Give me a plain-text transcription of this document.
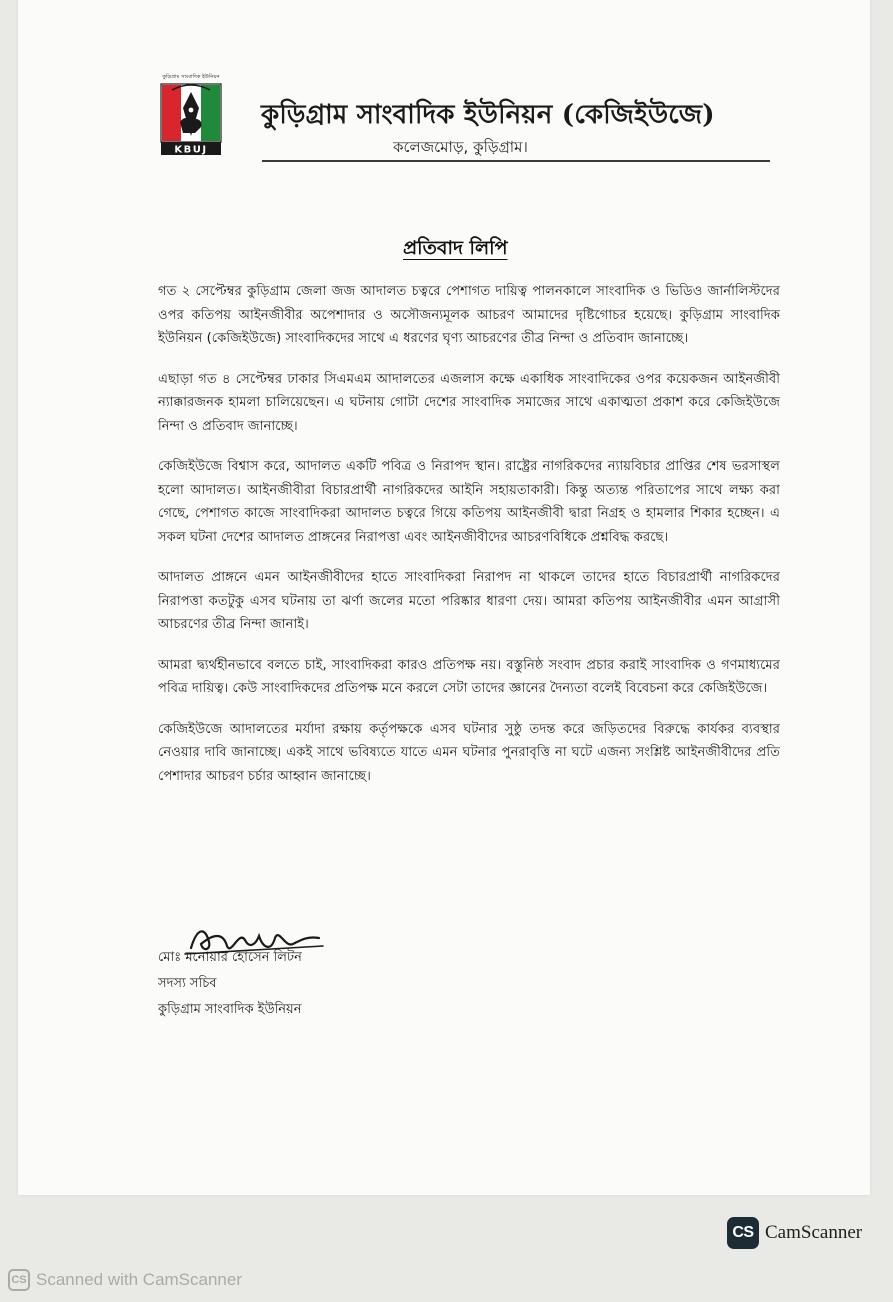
কুড়িগ্রাম সাংবাদিক ইউনিয়ন
KBUJ
কুড়িগ্রাম সাংবাদিক ইউনিয়ন (কেজিইউজে)
কলেজমোড়, কুড়িগ্রাম।
প্রতিবাদ লিপি

গত ২ সেপ্টেম্বর কুড়িগ্রাম জেলা জজ আদালত চত্বরে পেশাগত দায়িত্ব পালনকালে সাংবাদিক ও ভিডিও জার্নালিস্টদের ওপর কতিপয় আইনজীবীর অপেশাদার ও অসৌজন্যমূলক আচরণ আমাদের দৃষ্টিগোচর হয়েছে। কুড়িগ্রাম সাংবাদিক ইউনিয়ন (কেজিইউজে) সাংবাদিকদের সাথে এ ধরণের ঘৃণ্য আচরণের তীব্র নিন্দা ও প্রতিবাদ জানাচ্ছে।

এছাড়া গত ৪ সেপ্টেম্বর ঢাকার সিএমএম আদালতের এজলাস কক্ষে একাধিক সাংবাদিকের ওপর কয়েকজন আইনজীবী ন্যাক্কারজনক হামলা চালিয়েছেন। এ ঘটনায় গোটা দেশের সাংবাদিক সমাজের সাথে একাত্মতা প্রকাশ করে কেজিইউজে নিন্দা ও প্রতিবাদ জানাচ্ছে।

কেজিইউজে বিশ্বাস করে, আদালত একটি পবিত্র ও নিরাপদ স্থান। রাষ্ট্রের নাগরিকদের ন্যায়বিচার প্রাপ্তির শেষ ভরসাস্থল হলো আদালত। আইনজীবীরা বিচারপ্রার্থী নাগরিকদের আইনি সহায়তাকারী। কিন্তু অত্যন্ত পরিতাপের সাথে লক্ষ্য করা গেছে, পেশাগত কাজে সাংবাদিকরা আদালত চত্বরে গিয়ে কতিপয় আইনজীবী দ্বারা নিগ্রহ ও হামলার শিকার হচ্ছেন। এ সকল ঘটনা দেশের আদালত প্রাঙ্গনের নিরাপত্তা এবং আইনজীবীদের আচরণবিধিকে প্রশ্নবিদ্ধ করছে।

আদালত প্রাঙ্গনে এমন আইনজীবীদের হাতে সাংবাদিকরা নিরাপদ না থাকলে তাদের হাতে বিচারপ্রার্থী নাগরিকদের নিরাপত্তা কতটুকু এসব ঘটনায় তা ঝর্ণা জলের মতো পরিষ্কার ধারণা দেয়। আমরা কতিপয় আইনজীবীর এমন আগ্রাসী আচরণের তীব্র নিন্দা জানাই।

আমরা দ্ব্যর্থহীনভাবে বলতে চাই, সাংবাদিকরা কারও প্রতিপক্ষ নয়। বস্তুনিষ্ঠ সংবাদ প্রচার করাই সাংবাদিক ও গণমাধ্যমের পবিত্র দায়িত্ব। কেউ সাংবাদিকদের প্রতিপক্ষ মনে করলে সেটা তাদের জ্ঞানের দৈন্যতা বলেই বিবেচনা করে কেজিইউজে।

কেজিইউজে আদালতের মর্যাদা রক্ষায় কর্তৃপক্ষকে এসব ঘটনার সুষ্ঠু তদন্ত করে জড়িতদের বিরুদ্ধে কার্যকর ব্যবস্থার নেওয়ার দাবি জানাচ্ছে। একই সাথে ভবিষ্যতে যাতে এমন ঘটনার পুনরাবৃত্তি না ঘটে এজন্য সংশ্লিষ্ট আইনজীবীদের প্রতি পেশাদার আচরণ চর্চার আহ্বান জানাচ্ছে।

মোঃ মনোয়ার হোসেন লিটন
সদস্য সচিব
কুড়িগ্রাম সাংবাদিক ইউনিয়ন
CS CamScanner
CS Scanned with CamScanner
